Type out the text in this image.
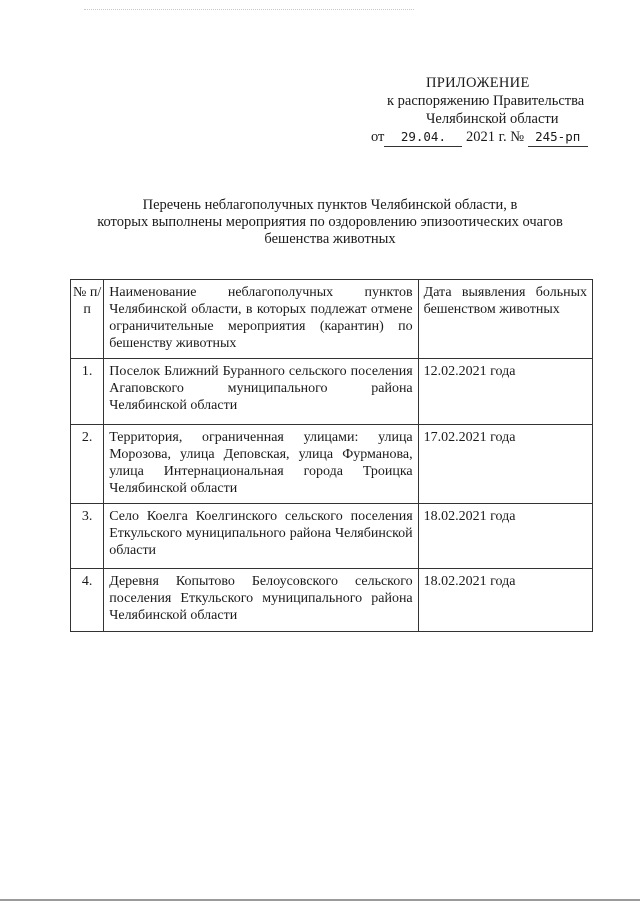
ПРИЛОЖЕНИЕ
к распоряжению Правительства
Челябинской области
от 29.04. 2021 г. № 245-рп
Перечень неблагополучных пунктов Челябинской области, в
которых выполнены мероприятия по оздоровлению эпизоотических очагов
бешенства животных
№ п/п	Наименование неблагополучных пунктов Челябинской области, в которых подлежат отмене ограничительные мероприятия (карантин) по бешенству животных	Дата выявления больных бешенством животных
1.	Поселок Ближний Буранного сельского поселения Агаповского муниципального района Челябинской области	12.02.2021 года
2.	Территория, ограниченная улицами: улица Морозова, улица Деповская, улица Фурманова, улица Интернациональная города Троицка Челябинской области	17.02.2021 года
3.	Село Коелга Коелгинского сельского поселения Еткульского муниципального района Челябинской области	18.02.2021 года
4.	Деревня Копытово Белоусовского сельского поселения Еткульского муниципального района Челябинской области	18.02.2021 года
